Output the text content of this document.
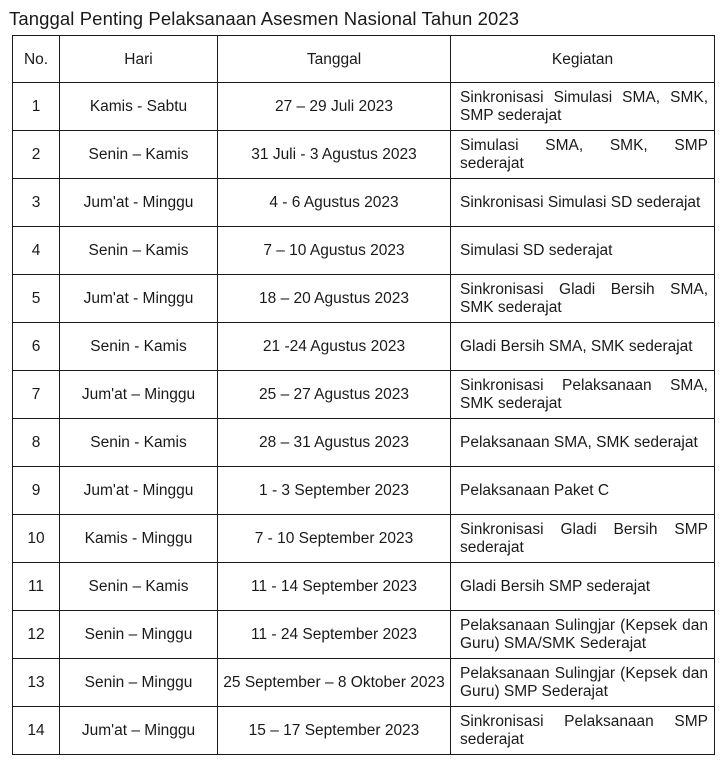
Tanggal Penting Pelaksanaan Asesmen Nasional Tahun 2023
No.	Hari	Tanggal	Kegiatan
1	Kamis - Sabtu	27 – 29 Juli 2023	Sinkronisasi Simulasi SMA, SMK, SMP sederajat
2	Senin – Kamis	31 Juli - 3 Agustus 2023	Simulasi SMA, SMK, SMP sederajat
3	Jum'at - Minggu	4 - 6 Agustus 2023	Sinkronisasi Simulasi SD sederajat
4	Senin – Kamis	7 – 10 Agustus 2023	Simulasi SD sederajat
5	Jum'at - Minggu	18 – 20 Agustus 2023	Sinkronisasi Gladi Bersih SMA, SMK sederajat
6	Senin - Kamis	21 -24 Agustus 2023	Gladi Bersih SMA, SMK sederajat
7	Jum'at – Minggu	25 – 27 Agustus 2023	Sinkronisasi Pelaksanaan SMA, SMK sederajat
8	Senin - Kamis	28 – 31 Agustus 2023	Pelaksanaan SMA, SMK sederajat
9	Jum'at - Minggu	1 - 3 September 2023	Pelaksanaan Paket C
10	Kamis - Minggu	7 - 10 September 2023	Sinkronisasi Gladi Bersih SMP sederajat
11	Senin – Kamis	11 - 14 September 2023	Gladi Bersih SMP sederajat
12	Senin – Minggu	11 - 24 September 2023	Pelaksanaan Sulingjar (Kepsek dan Guru) SMA/SMK Sederajat
13	Senin – Minggu	25 September – 8 Oktober 2023	Pelaksanaan Sulingjar (Kepsek dan Guru) SMP Sederajat
14	Jum'at – Minggu	15 – 17 September 2023	Sinkronisasi Pelaksanaan SMP sederajat
